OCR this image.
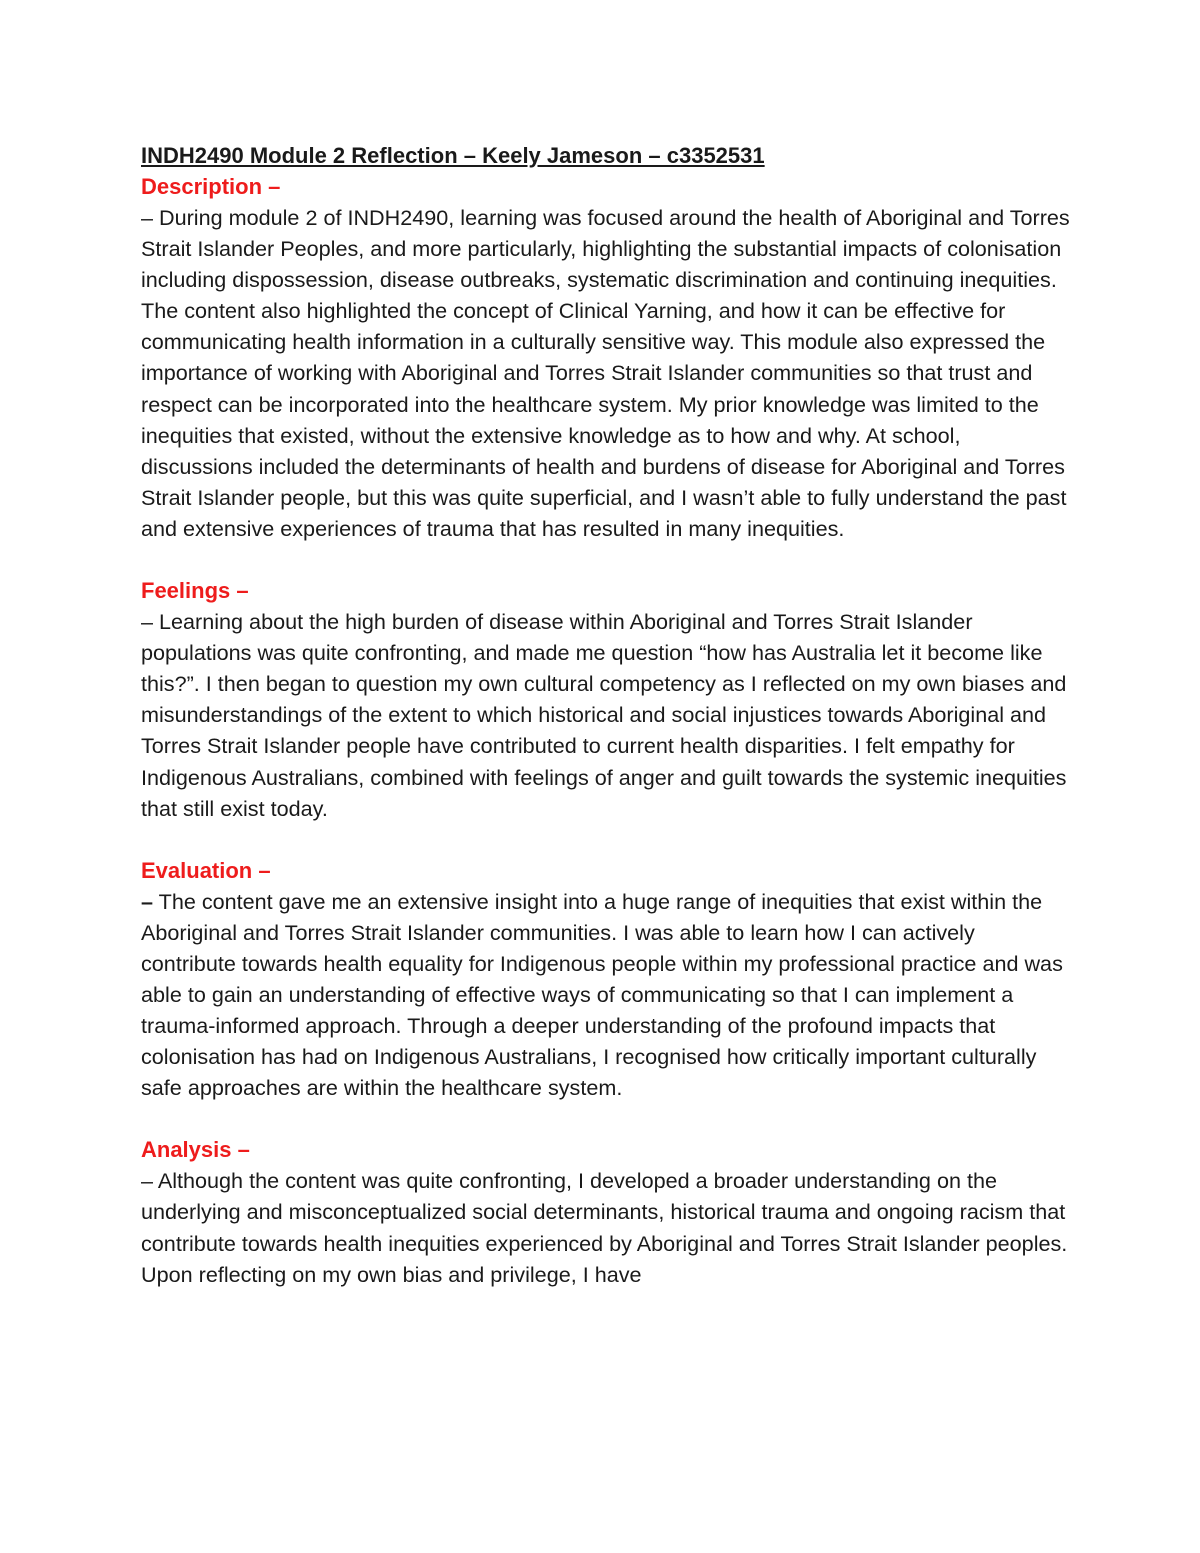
INDH2490 Module 2 Reflection – Keely Jameson – c3352531

Description –

– During module 2 of INDH2490, learning was focused around the health of Aboriginal and Torres Strait Islander Peoples, and more particularly, highlighting the substantial impacts of colonisation including dispossession, disease outbreaks, systematic discrimination and continuing inequities. The content also highlighted the concept of Clinical Yarning, and how it can be effective for communicating health information in a culturally sensitive way. This module also expressed the importance of working with Aboriginal and Torres Strait Islander communities so that trust and respect can be incorporated into the healthcare system. My prior knowledge was limited to the inequities that existed, without the extensive knowledge as to how and why. At school, discussions included the determinants of health and burdens of disease for Aboriginal and Torres Strait Islander people, but this was quite superficial, and I wasn’t able to fully understand the past and extensive experiences of trauma that has resulted in many inequities.

Feelings –

– Learning about the high burden of disease within Aboriginal and Torres Strait Islander populations was quite confronting, and made me question “how has Australia let it become like this?”. I then began to question my own cultural competency as I reflected on my own biases and misunderstandings of the extent to which historical and social injustices towards Aboriginal and Torres Strait Islander people have contributed to current health disparities. I felt empathy for Indigenous Australians, combined with feelings of anger and guilt towards the systemic inequities that still exist today.

Evaluation –

– The content gave me an extensive insight into a huge range of inequities that exist within the Aboriginal and Torres Strait Islander communities. I was able to learn how I can actively contribute towards health equality for Indigenous people within my professional practice and was able to gain an understanding of effective ways of communicating so that I can implement a trauma-informed approach. Through a deeper understanding of the profound impacts that colonisation has had on Indigenous Australians, I recognised how critically important culturally safe approaches are within the healthcare system.

Analysis –

– Although the content was quite confronting, I developed a broader understanding on the underlying and misconceptualized social determinants, historical trauma and ongoing racism that contribute towards health inequities experienced by Aboriginal and Torres Strait Islander peoples. Upon reflecting on my own bias and privilege, I have
